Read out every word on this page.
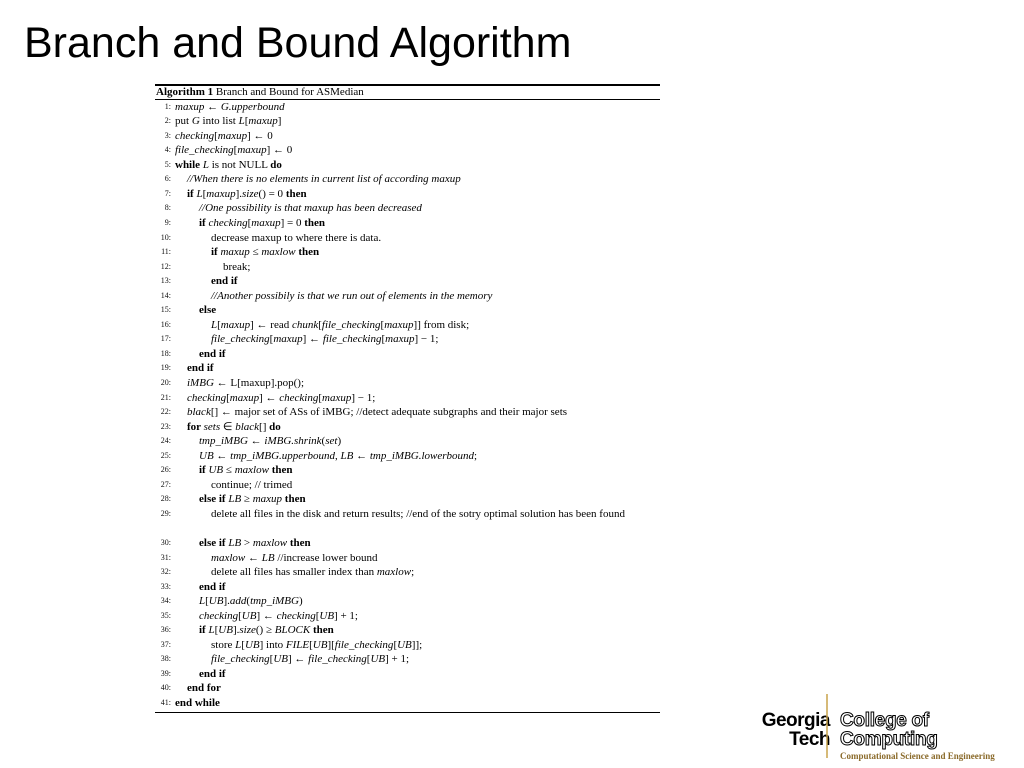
Branch and Bound Algorithm
Algorithm 1 Branch and Bound for ASMedian
1: maxup ← G.upperbound
2: put G into list L[maxup]
3: checking[maxup] ← 0
4: file_checking[maxup] ← 0
5: while L is not NULL do
6: //When there is no elements in current list of according maxup
7: if L[maxup].size() = 0 then
8:	//One possibility is that maxup has been decreased
9:	if checking[maxup] = 0 then
10:	decrease maxup to where there is data.
11:	if maxup ≤ maxlow then
12:	break;
13:	end if
14:	//Another possibily is that we run out of elements in the memory
15:	else
16:	L[maxup] ← read chunk[file_checking[maxup]] from disk;
17:	file_checking[maxup] ← file_checking[maxup] − 1;
18:	end if
19: end if
20: iMBG ← L[maxup].pop();
21: checking[maxup] ← checking[maxup] − 1;
22: black[] ← major set of ASs of iMBG; //detect adequate subgraphs and their major sets
23: for sets ∈ black[] do
24:	tmp_iMBG ← iMBG.shrink(set)
25:	UB ← tmp_iMBG.upperbound, LB ← tmp_iMBG.lowerbound;
26:	if UB ≤ maxlow then
27:	continue; // trimed
28:	else if LB ≥ maxup then
29:	delete all files in the disk and return results; //end of the sotry optimal solution has been found
30:	else if LB > maxlow then
31:	maxlow ← LB //increase lower bound
32:	delete all files has smaller index than maxlow;
33:	end if
34:	L[UB].add(tmp_iMBG)
35:	checking[UB] ← checking[UB] + 1;
36:	if L[UB].size() ≥ BLOCK then
37:	store L[UB] into FILE[UB][file_checking[UB]];
38:	file_checking[UB] ← file_checking[UB] + 1;
39:	end if
40: end for
41: end while
Georgia
Tech
College of
Computing
Computational Science and Engineering
